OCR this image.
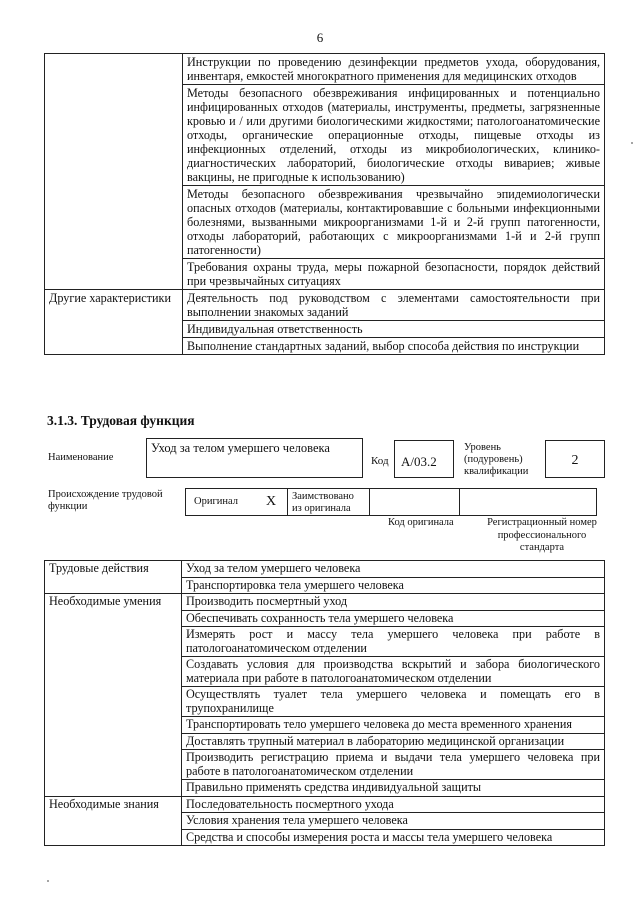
6
	Инструкции по проведению дезинфекции предметов ухода, оборудования, инвентаря, емкостей многократного применения для медицинских отходов
	Методы безопасного обезвреживания инфицированных и потенциально инфицированных отходов (материалы, инструменты, предметы, загрязненные кровью и / или другими биологическими жидкостями; патологоанатомические отходы, органические операционные отходы, пищевые отходы из инфекционных отделений, отходы из микробиологических, клинико-диагностических лабораторий, биологические отходы вивариев; живые вакцины, не пригодные к использованию)
	Методы безопасного обезвреживания чрезвычайно эпидемиологически опасных отходов (материалы, контактировавшие с больными инфекционными болезнями, вызванными микроорганизмами 1-й и 2-й групп патогенности, отходы лабораторий, работающих с микроорганизмами 1-й и 2-й групп патогенности)
	Требования охраны труда, меры пожарной безопасности, порядок действий при чрезвычайных ситуациях
Другие характеристики	Деятельность под руководством с элементами самостоятельности при выполнении знакомых заданий
	Индивидуальная ответственность
	Выполнение стандартных заданий, выбор способа действия по инструкции
3.1.3. Трудовая функция
Наименование
Уход за телом умершего человека
Код А/03.2
Уровень (подуровень) квалификации
2
Происхождение трудовой функции	Оригинал X	Заимствовано из оригинала
Код оригинала	Регистрационный номер профессионального стандарта
Трудовые действия	Уход за телом умершего человека
	Транспортировка тела умершего человека
Необходимые умения	Производить посмертный уход
	Обеспечивать сохранность тела умершего человека
	Измерять рост и массу тела умершего человека при работе в патологоанатомическом отделении
	Создавать условия для производства вскрытий и забора биологического материала при работе в патологоанатомическом отделении
	Осуществлять туалет тела умершего человека и помещать его в трупохранилище
	Транспортировать тело умершего человека до места временного хранения
	Доставлять трупный материал в лабораторию медицинской организации
	Производить регистрацию приема и выдачи тела умершего человека при работе в патологоанатомическом отделении
	Правильно применять средства индивидуальной защиты
Необходимые знания	Последовательность посмертного ухода
	Условия хранения тела умершего человека
	Средства и способы измерения роста и массы тела умершего человека
